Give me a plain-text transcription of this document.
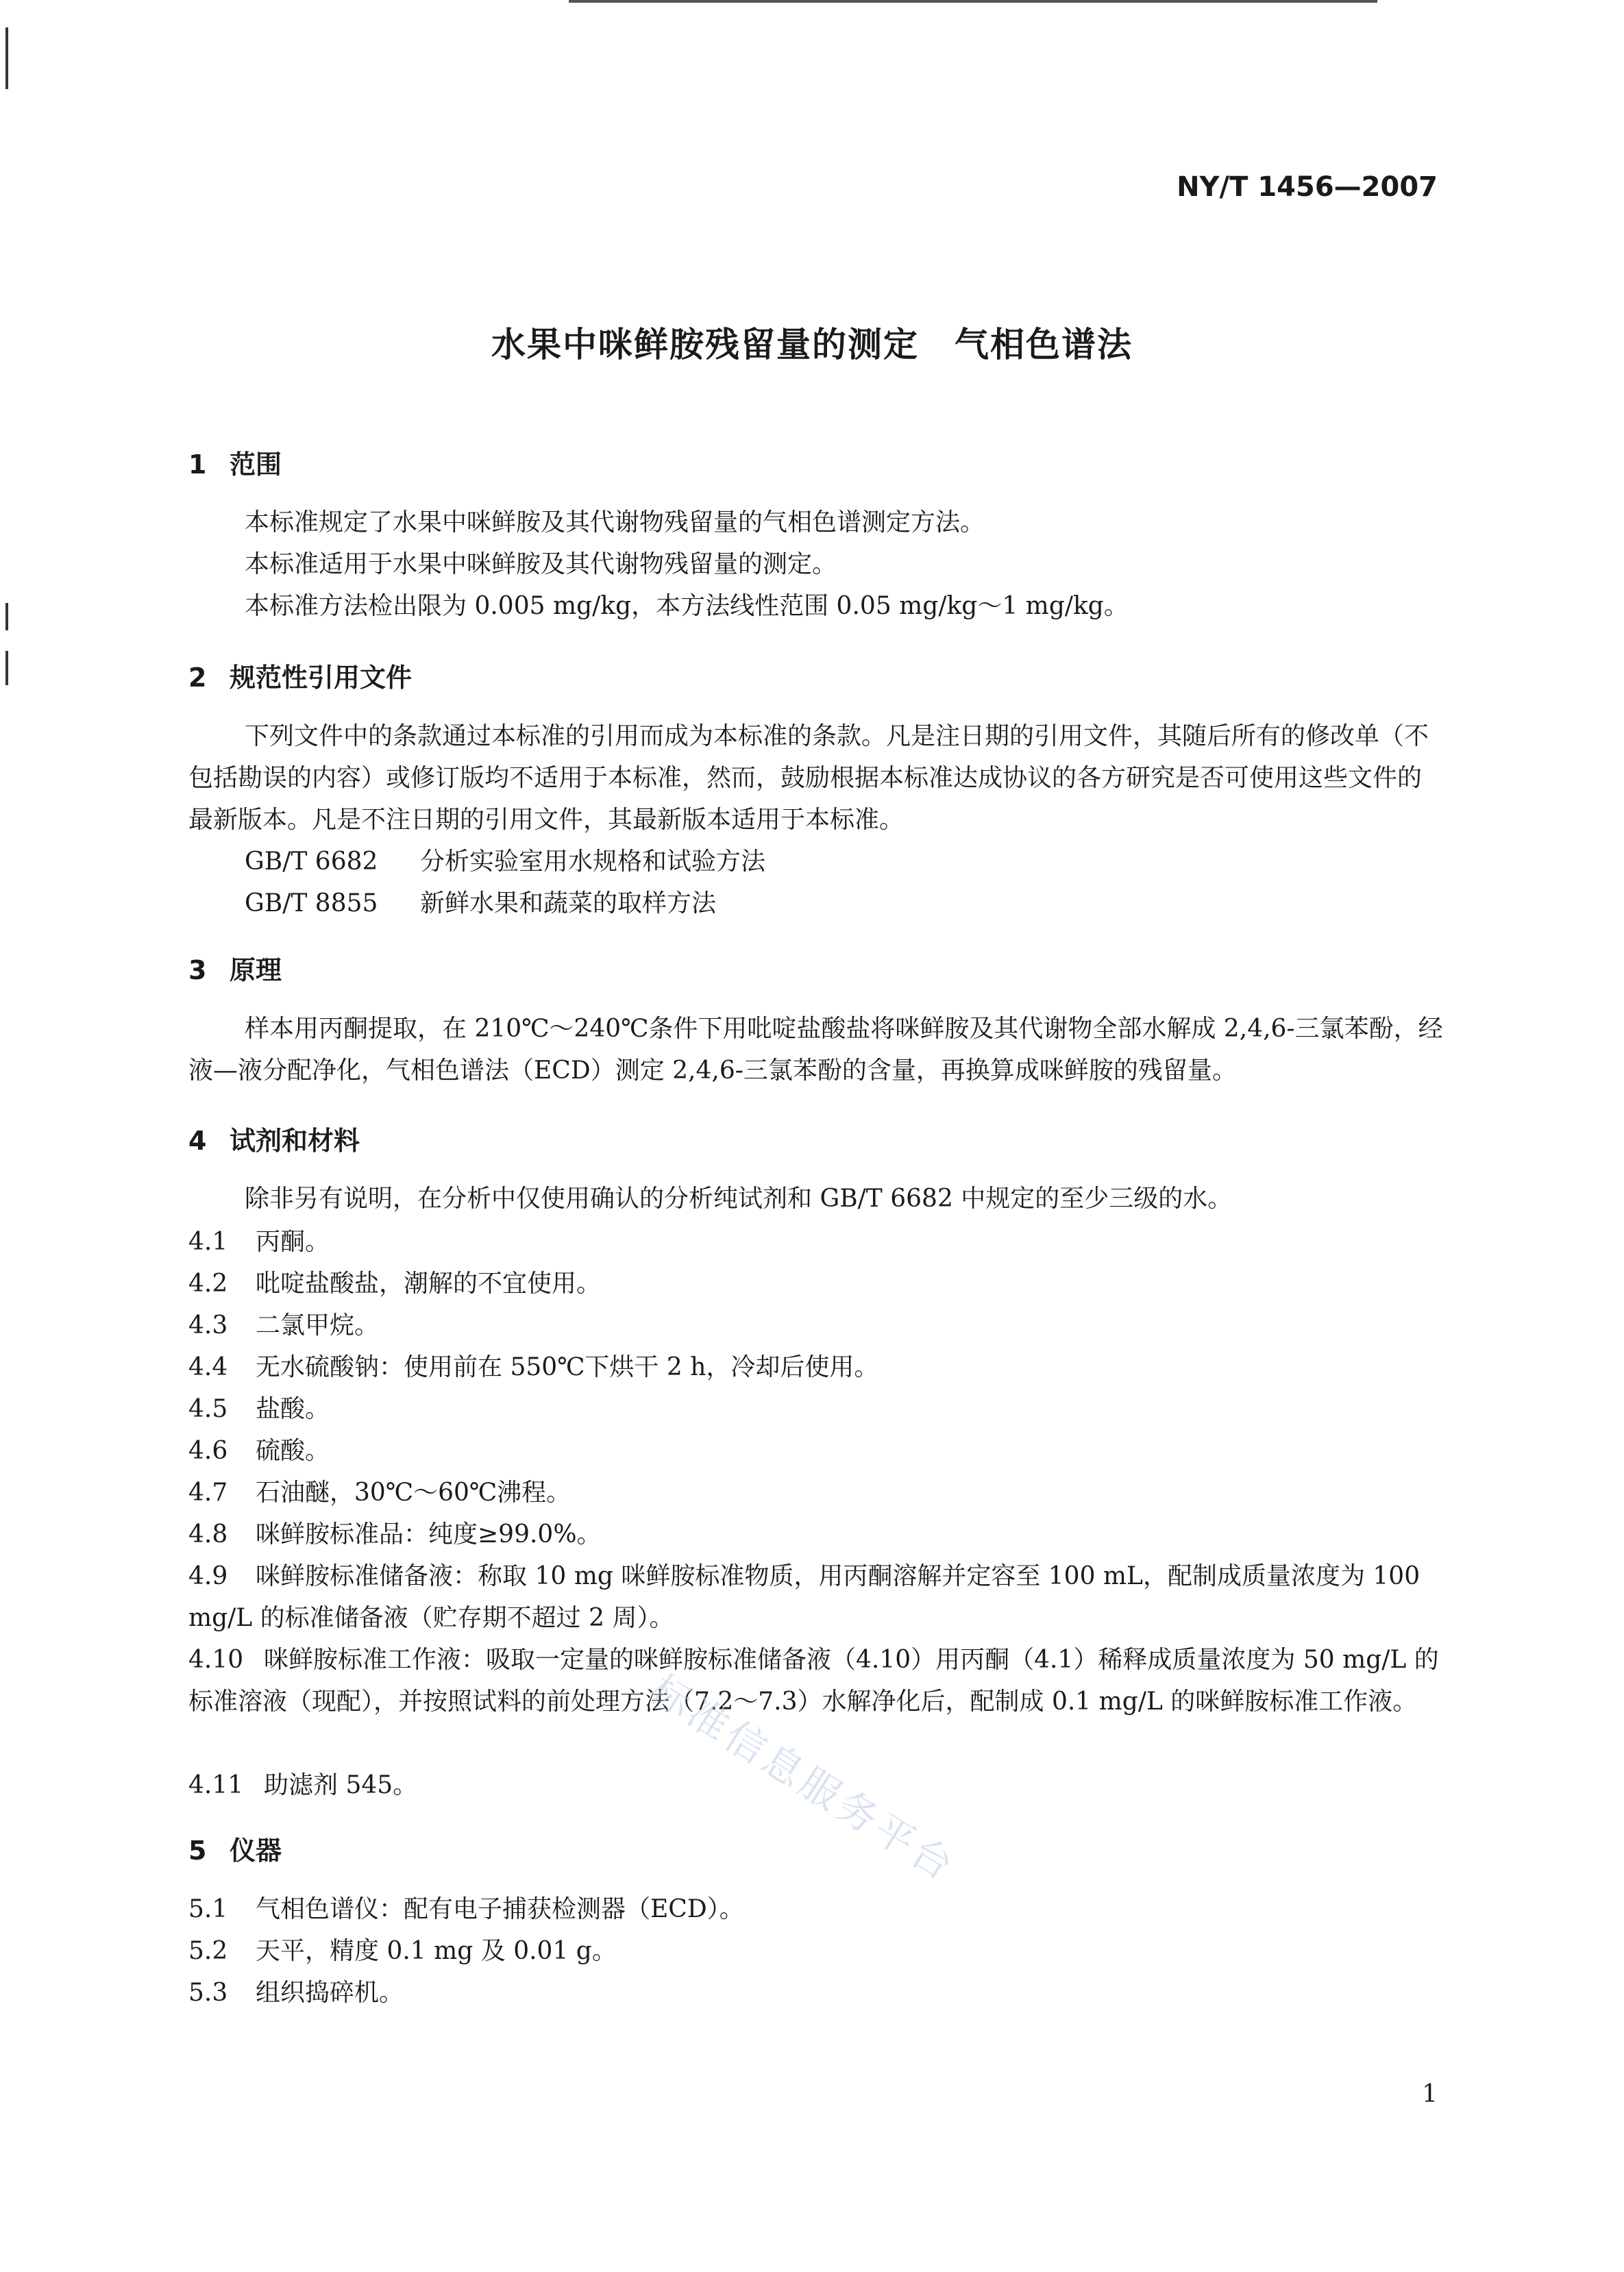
NY/T 1456—2007
水果中咪鲜胺残留量的测定　气相色谱法
1 范围

本标准规定了水果中咪鲜胺及其代谢物残留量的气相色谱测定方法。

本标准适用于水果中咪鲜胺及其代谢物残留量的测定。

本标准方法检出限为 0.005 mg/kg，本方法线性范围 0.05 mg/kg～1 mg/kg。

2 规范性引用文件

下列文件中的条款通过本标准的引用而成为本标准的条款。凡是注日期的引用文件，其随后所有的修改单（不包括勘误的内容）或修订版均不适用于本标准，然而，鼓励根据本标准达成协议的各方研究是否可使用这些文件的最新版本。凡是不注日期的引用文件，其最新版本适用于本标准。

GB/T 6682 分析实验室用水规格和试验方法
GB/T 8855 新鲜水果和蔬菜的取样方法
3 原理

样本用丙酮提取，在 210℃～240℃条件下用吡啶盐酸盐将咪鲜胺及其代谢物全部水解成 2,4,6-三氯苯酚，经液—液分配净化，气相色谱法（ECD）测定 2,4,6-三氯苯酚的含量，再换算成咪鲜胺的残留量。

4 试剂和材料

除非另有说明，在分析中仅使用确认的分析纯试剂和 GB/T 6682 中规定的至少三级的水。

4.1 丙酮。
4.2 吡啶盐酸盐，潮解的不宜使用。
4.3 二氯甲烷。
4.4 无水硫酸钠：使用前在 550℃下烘干 2 h，冷却后使用。
4.5 盐酸。
4.6 硫酸。
4.7 石油醚，30℃～60℃沸程。
4.8 咪鲜胺标准品：纯度≥99.0%。
4.9 咪鲜胺标准储备液：称取 10 mg 咪鲜胺标准物质，用丙酮溶解并定容至 100 mL，配制成质量浓度为 100 mg/L 的标准储备液（贮存期不超过 2 周）。
4.10 咪鲜胺标准工作液：吸取一定量的咪鲜胺标准储备液（4.10）用丙酮（4.1）稀释成质量浓度为 50 mg/L 的标准溶液（现配），并按照试料的前处理方法（7.2～7.3）水解净化后，配制成 0.1 mg/L 的咪鲜胺标准工作液。
4.11 助滤剂 545。
5 仪器
5.1 气相色谱仪：配有电子捕获检测器（ECD）。
5.2 天平，精度 0.1 mg 及 0.01 g。
5.3 组织捣碎机。
标准信息服务平台
1
